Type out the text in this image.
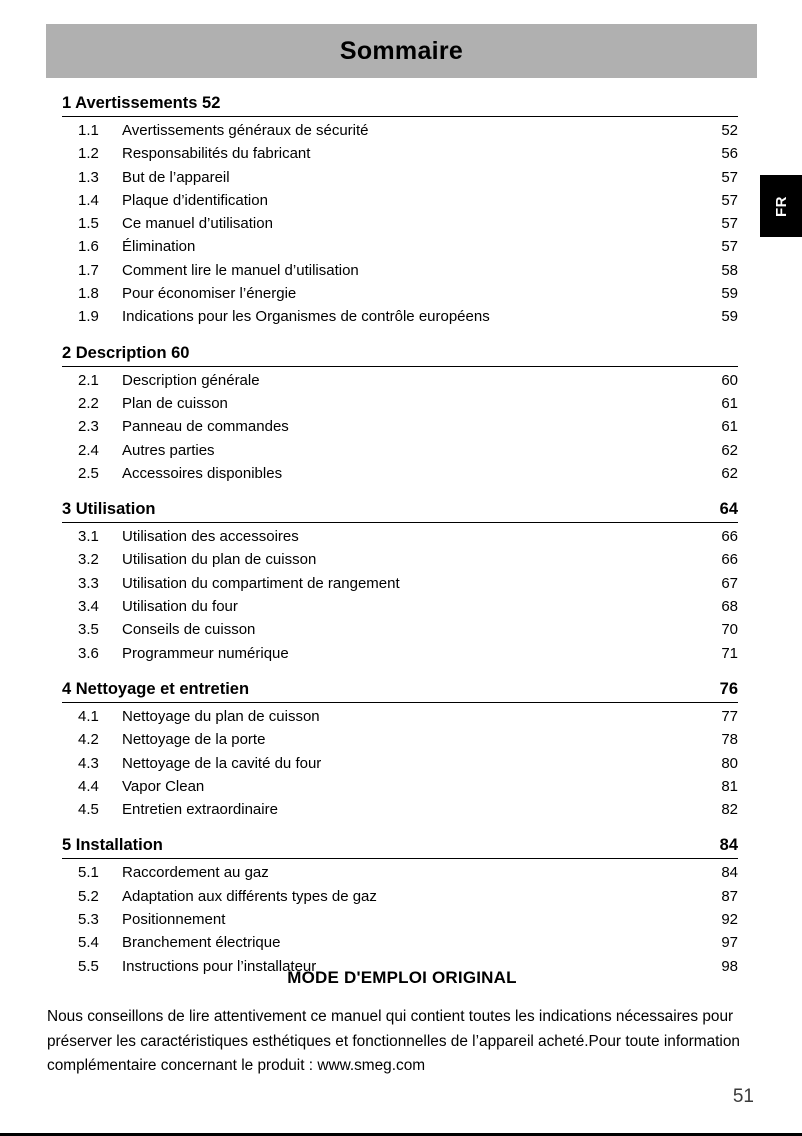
Sommaire
FR
1 Avertissements 52
1.1	Avertissements généraux de sécurité	52
1.2	Responsabilités du fabricant	56
1.3	But de l’appareil	57
1.4	Plaque d’identification	57
1.5	Ce manuel d’utilisation	57
1.6	Élimination	57
1.7	Comment lire le manuel d’utilisation	58
1.8	Pour économiser l’énergie	59
1.9	Indications pour les Organismes de contrôle européens	59
2 Description 60
2.1	Description générale	60
2.2	Plan de cuisson	61
2.3	Panneau de commandes	61
2.4	Autres parties	62
2.5	Accessoires disponibles	62
3 Utilisation	64
3.1	Utilisation des accessoires	66
3.2	Utilisation du plan de cuisson	66
3.3	Utilisation du compartiment de rangement	67
3.4	Utilisation du four	68
3.5	Conseils de cuisson	70
3.6	Programmeur numérique	71
4 Nettoyage et entretien	76
4.1	Nettoyage du plan de cuisson	77
4.2	Nettoyage de la porte	78
4.3	Nettoyage de la cavité du four	80
4.4	Vapor Clean	81
4.5	Entretien extraordinaire	82
5 Installation	84
5.1	Raccordement au gaz	84
5.2	Adaptation aux différents types de gaz	87
5.3	Positionnement	92
5.4	Branchement électrique	97
5.5	Instructions pour l’installateur	98
MODE D'EMPLOI ORIGINAL
Nous conseillons de lire attentivement ce manuel qui contient toutes les indications nécessaires pour préserver les caractéristiques esthétiques et fonctionnelles de l’appareil acheté.Pour toute information complémentaire concernant le produit : www.smeg.com
51
